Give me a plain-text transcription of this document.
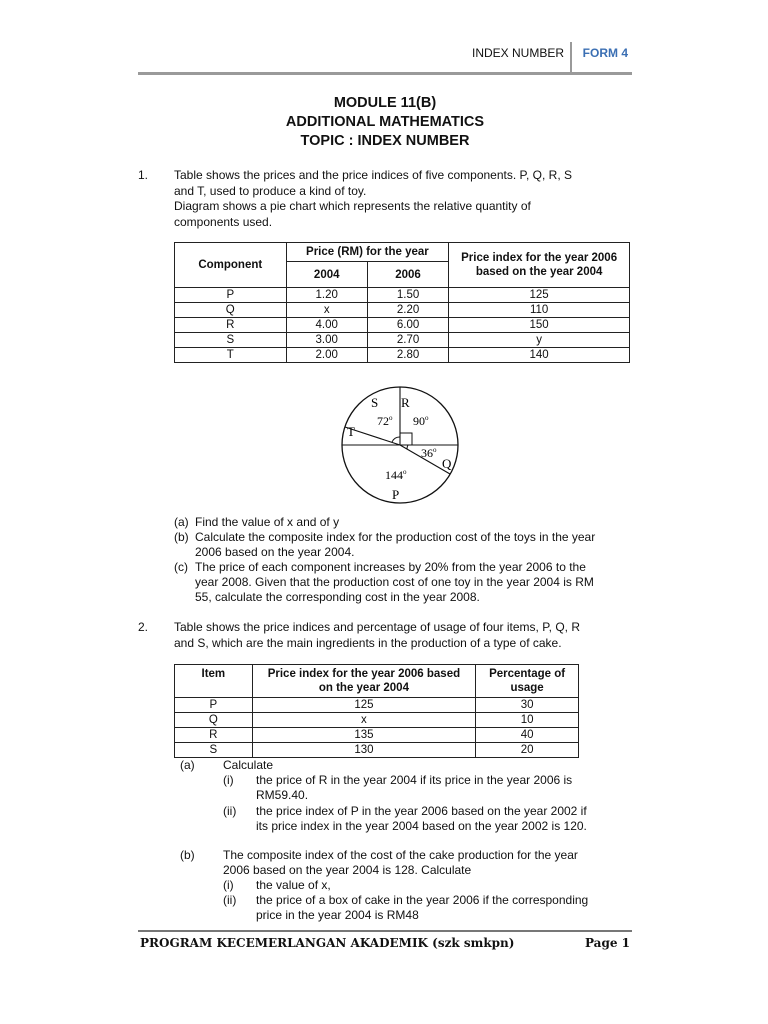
INDEX NUMBER FORM 4
MODULE 11(B)
ADDITIONAL MATHEMATICS
TOPIC : INDEX NUMBER
1. Table shows the prices and the price indices of five components. P, Q, R, S
and T, used to produce a kind of toy.
Diagram shows a pie chart which represents the relative quantity of
components used.
Component	Price (RM) for the year		Price index for the year 2006 based on the year 2004
	2004	2006	
P	1.20	1.50	125
Q	x	2.20	110
R	4.00	6.00	150
S	3.00	2.70	y
T	2.00	2.80	140
S R
T
Q
P
72$^o$ 90$^o$
36$^o$
144$^o$
(a) Find the value of x and of y
(b) Calculate the composite index for the production cost of the toys in the year
2006 based on the year 2004.
(c) The price of each component increases by 20% from the year 2006 to the
year 2008. Given that the production cost of one toy in the year 2004 is RM
55, calculate the corresponding cost in the year 2008.
2. Table shows the price indices and percentage of usage of four items, P, Q, R
and S, which are the main ingredients in the production of a type of cake.
Item	Price index for the year 2006 based on the year 2004	Percentage of usage
P	125	30
Q	x	10
R	135	40
S	130	20
(a) Calculate
(i) the price of R in the year 2004 if its price in the year 2006 is
RM59.40.
(ii) the price index of P in the year 2006 based on the year 2002 if
its price index in the year 2004 based on the year 2002 is 120.
(b) The composite index of the cost of the cake production for the year
2006 based on the year 2004 is 128. Calculate
(i) the value of x,
(ii) the price of a box of cake in the year 2006 if the corresponding
price in the year 2004 is RM48
PROGRAM KECEMERLANGAN AKADEMIK (szk smkpn)	Page 1
